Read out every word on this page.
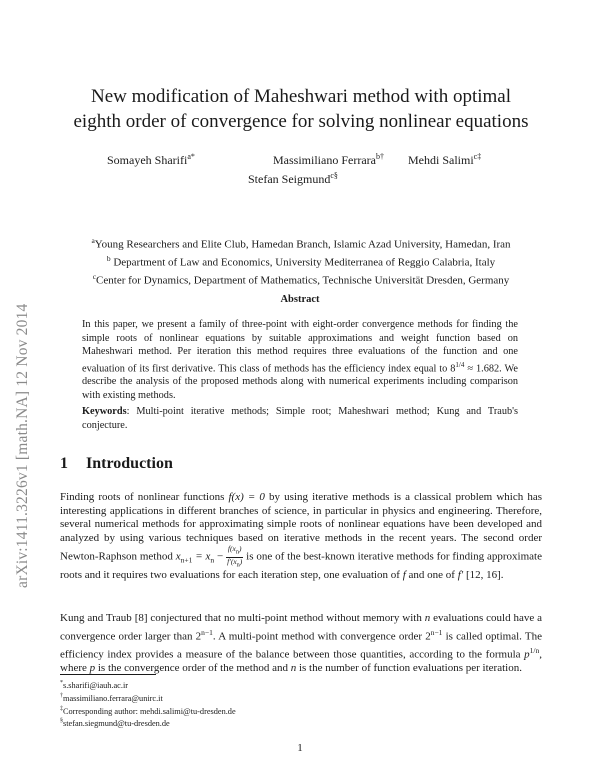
arXiv:1411.3226v1 [math.NA] 12 Nov 2014
New modification of Maheshwari method with optimal
eighth order of convergence for solving nonlinear equations
Somayeh Sharifi$^{a*}$	Massimiliano Ferrara$^{b\dagger}$ Mehdi Salimi$^{c\ddagger}$
Stefan Seigmund$^{c\S}$
$^a$Young Researchers and Elite Club, Hamedan Branch, Islamic Azad University, Hamedan, Iran
$^b$ Department of Law and Economics, University Mediterranea of Reggio Calabria, Italy
$^c$Center for Dynamics, Department of Mathematics, Technische Universität Dresden, Germany
Abstract
In this paper, we present a family of three-point with eight-order convergence methods for finding the simple roots of nonlinear equations by suitable approximations and weight function based on Maheshwari method. Per iteration this method requires three evaluations of the function and one evaluation of its first derivative. This class of methods has the efficiency index equal to $8^{1/4} \approx 1.682$. We describe the analysis of the proposed methods along with numerical experiments including comparison with existing methods.
Keywords: Multi-point iterative methods; Simple root; Maheshwari method; Kung and Traub's conjecture.
1 Introduction
Finding roots of nonlinear functions f(x) = 0 by using iterative methods is a classical problem which has interesting applications in different branches of science, in particular in physics and engineering. Therefore, several numerical methods for approximating simple roots of nonlinear equations have been developed and analyzed by using various techniques based on iterative methods in the recent years. The second order Newton-Raphson method $x_{n+1} = x_n - \frac{f(x_n)}{f'(x_n)}$ is one of the best-known iterative methods for finding approximate roots and it requires two evaluations for each iteration step, one evaluation of f and one of f′ [12, 16].
Kung and Traub [8] conjectured that no multi-point method without memory with n evaluations could have a convergence order larger than $2^{n-1}$. A multi-point method with convergence order $2^{n-1}$ is called optimal. The efficiency index provides a measure of the balance between those quantities, according to the formula $p^{1/n}$, where p is the convergence order of the method and n is the number of function evaluations per iteration.
*s.sharifi@iauh.ac.ir
†massimiliano.ferrara@unirc.it
‡Corresponding author: mehdi.salimi@tu-dresden.de
§stefan.siegmund@tu-dresden.de
1
